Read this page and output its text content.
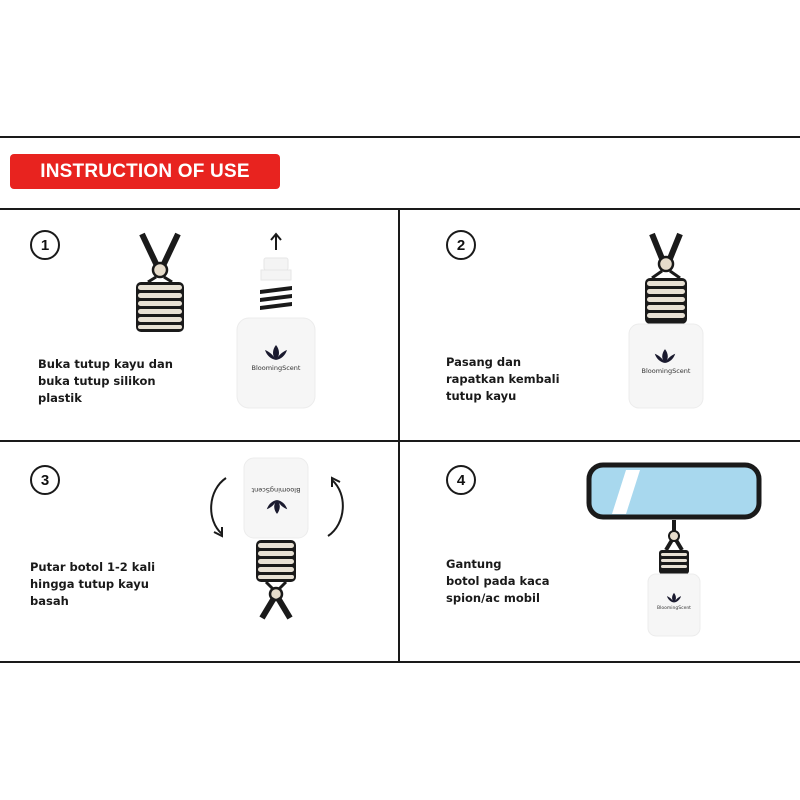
INSTRUCTION OF USE
1
Buka tutup kayu dan
buka tutup silikon
plastik
BloomingScent
2
Pasang dan
rapatkan kembali
tutup kayu
BloomingScent
3
Putar botol 1-2 kali
hingga tutup kayu
basah
BloomingScent
4
Gantung
botol pada kaca
spion/ac mobil
BloomingScent
